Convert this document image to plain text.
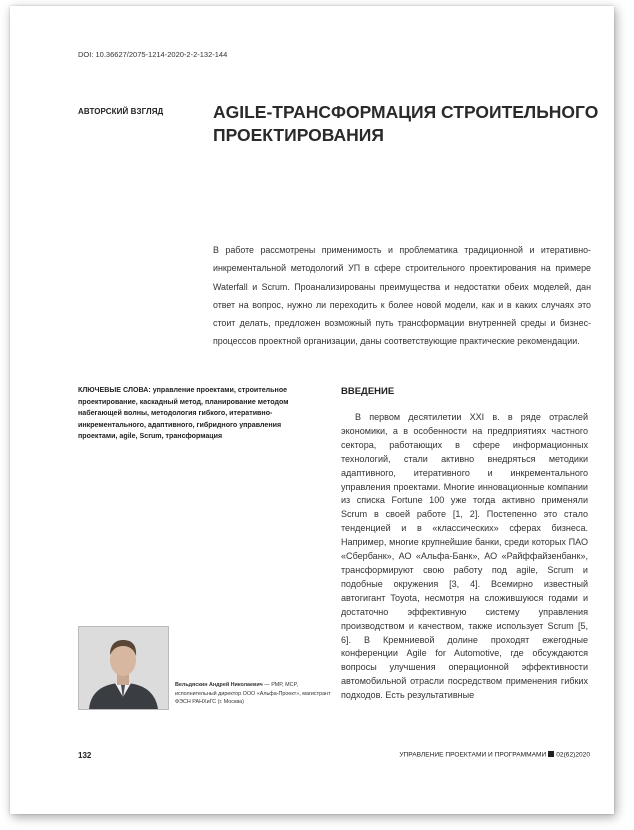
DOI: 10.36627/2075-1214-2020-2-2-132-144
АВТОРСКИЙ ВЗГЛЯД	AGILE-ТРАНСФОРМАЦИЯ СТРОИТЕЛЬНОГО ПРОЕКТИРОВАНИЯ
В работе рассмотрены применимость и проблематика традиционной и итеративно-инкрементальной методологий УП в сфере строительного проектирования на примере Waterfall и Scrum. Проанализированы преимущества и недостатки обеих моделей, дан ответ на вопрос, нужно ли переходить к более новой модели, как и в каких случаях это стоит делать, предложен возможный путь трансформации внутренней среды и бизнес-процессов проектной организации, даны соответствующие практические рекомендации.
КЛЮЧЕВЫЕ СЛОВА: управление проектами, строительное проектирование, каскадный метод, планирование методом набегающей волны, методология гибкого, итеративно-инкрементального, адаптивного, гибридного управления проектами, agile, Scrum, трансформация
ВВЕДЕНИЕ
В первом десятилетии XXI в. в ряде отраслей экономики, а в особенности на предприятиях частного сектора, работающих в сфере информационных технологий, стали активно внедряться методики адаптивного, итеративного и инкрементального управления проектами. Многие инновационные компании из списка Fortune 100 уже тогда активно применяли Scrum в своей работе [1, 2]. Постепенно это стало тенденцией и в «классических» сферах бизнеса. Например, многие крупнейшие банки, среди которых ПАО «Сбербанк», АО «Альфа-Банк», АО «Райффайзенбанк», трансформируют свою работу под agile, Scrum и подобные окружения [3, 4]. Всемирно известный автогигант Toyota, несмотря на сложившуюся годами и достаточно эффективную систему управления производством и качеством, также использует Scrum [5, 6]. В Кремниевой долине проходят ежегодные конференции Agile for Automotive, где обсуждаются вопросы улучшения операционной эффективности автомобильной отрасли посредством применения гибких подходов. Есть результативные
Вельдяскин Андрей Николаевич — PMP, MCP, исполнительный директор ООО «Альфа-Проект», магистрант ФЭСН РАНХиГС (г. Москва)
132	УПРАВЛЕНИЕ ПРОЕКТАМИ И ПРОГРАММАМИ 02(62)2020
